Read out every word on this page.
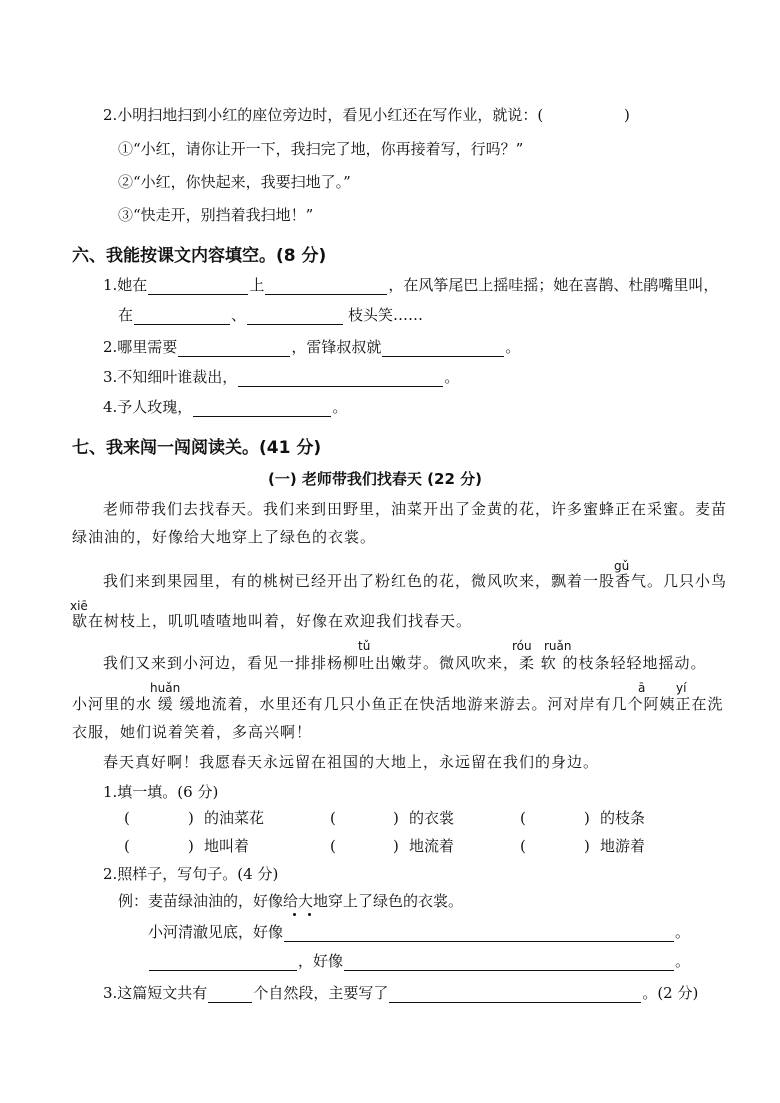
2.小明扫地扫到小红的座位旁边时，看见小红还在写作业，就说：(	)
①“小红，请你让开一下，我扫完了地，你再接着写，行吗？”
②“小红，你快起来，我要扫地了。”
③“快走开，别挡着我扫地！”
六、我能按课文内容填空。(8 分)
1.她在	上	，在风筝尾巴上摇哇摇；她在喜鹊、杜鹃嘴里叫，
在	、	枝头笑……
2.哪里需要	，雷锋叔叔就	。
3.不知细叶谁裁出，	。
4.予人玫瑰，	。
七、我来闯一闯阅读关。(41 分)
(一) 老师带我们找春天 (22 分)
老师带我们去找春天。我们来到田野里，油菜开出了金黄的花，许多蜜蜂正在采蜜。麦苗
绿油油的，好像给大地穿上了绿色的衣裳。
gǔ
我们来到果园里，有的桃树已经开出了粉红色的花，微风吹来，飘着一股香气。几只小鸟
xiē
歇在树枝上，叽叽喳喳地叫着，好像在欢迎我们找春天。
tǔ	róu ruǎn
我们又来到小河边，看见一排排杨柳吐出嫩芽。微风吹来，柔 软 的枝条轻轻地摇动。
huǎn	ā	yí
小河里的水 缓 缓地流着，水里还有几只小鱼正在快活地游来游去。河对岸有几个阿姨正在洗
衣服，她们说着笑着，多高兴啊！
春天真好啊！我愿春天永远留在祖国的大地上，永远留在我们的身边。
1.填一填。(6 分)
(	) 的油菜花	(	) 的衣裳	(	) 的枝条
(	) 地叫着	(	) 地流着	(	) 地游着
2.照样子，写句子。(4 分)
例：麦苗绿油油的，好像给大地穿上了绿色的衣裳。
小河清澈见底，好像	。
，好像	。
3.这篇短文共有	个自然段，主要写了	。(2 分)
